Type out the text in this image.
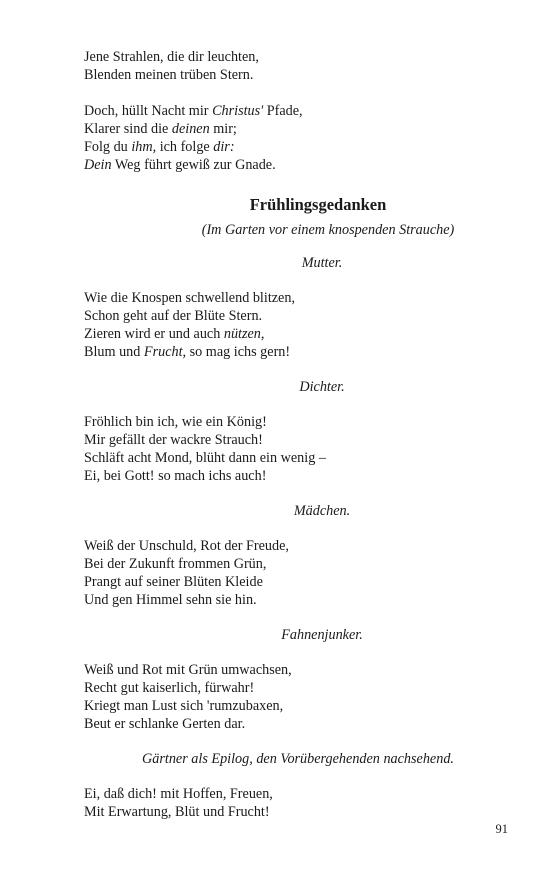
Jene Strahlen, die dir leuchten,
Blenden meinen trüben Stern.
Doch, hüllt Nacht mir Christus' Pfade,
Klarer sind die deinen mir;
Folg du ihm, ich folge dir:
Dein Weg führt gewiß zur Gnade.
Frühlingsgedanken
(Im Garten vor einem knospenden Strauche)
Mutter.
Wie die Knospen schwellend blitzen,
Schon geht auf der Blüte Stern.
Zieren wird er und auch nützen,
Blum und Frucht, so mag ichs gern!
Dichter.
Fröhlich bin ich, wie ein König!
Mir gefällt der wackre Strauch!
Schläft acht Mond, blüht dann ein wenig –
Ei, bei Gott! so mach ichs auch!
Mädchen.
Weiß der Unschuld, Rot der Freude,
Bei der Zukunft frommen Grün,
Prangt auf seiner Blüten Kleide
Und gen Himmel sehn sie hin.
Fahnenjunker.
Weiß und Rot mit Grün umwachsen,
Recht gut kaiserlich, fürwahr!
Kriegt man Lust sich 'rumzubaxen,
Beut er schlanke Gerten dar.
Gärtner als Epilog, den Vorübergehenden nachsehend.
Ei, daß dich! mit Hoffen, Freuen,
Mit Erwartung, Blüt und Frucht!
91
